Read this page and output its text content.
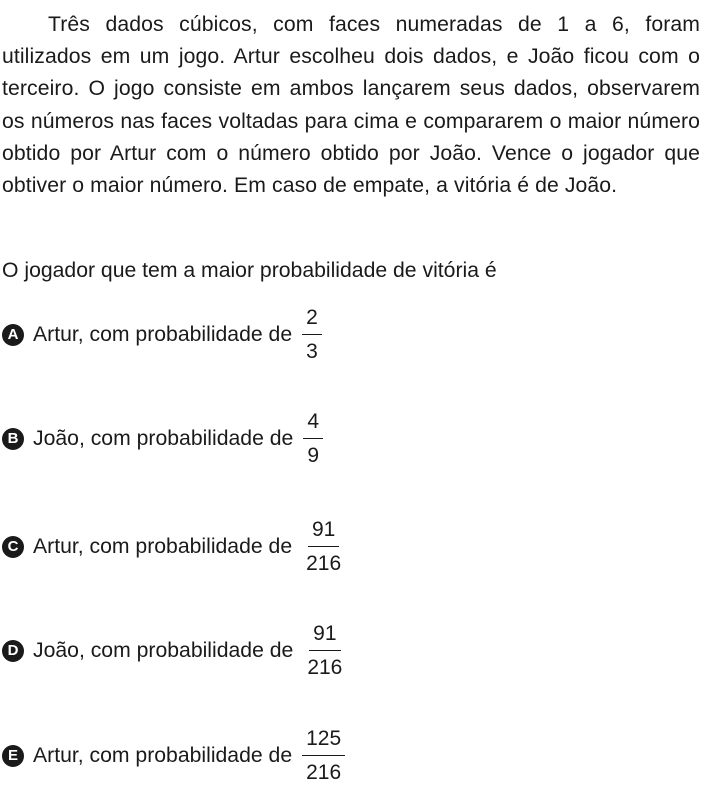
Três dados cúbicos, com faces numeradas de 1 a 6, foram utilizados em um jogo. Artur escolheu dois dados, e João ficou com o terceiro. O jogo consiste em ambos lançarem seus dados, observarem os números nas faces voltadas para cima e compararem o maior número obtido por Artur com o número obtido por João. Vence o jogador que obtiver o maior número. Em caso de empate, a vitória é de João.

O jogador que tem a maior probabilidade de vitória é

A Artur, com probabilidade de $\frac{2}{3}$
B João, com probabilidade de $\frac{4}{9}$
C Artur, com probabilidade de $\frac{91}{216}$
D João, com probabilidade de $\frac{91}{216}$
E Artur, com probabilidade de $\frac{125}{216}$
